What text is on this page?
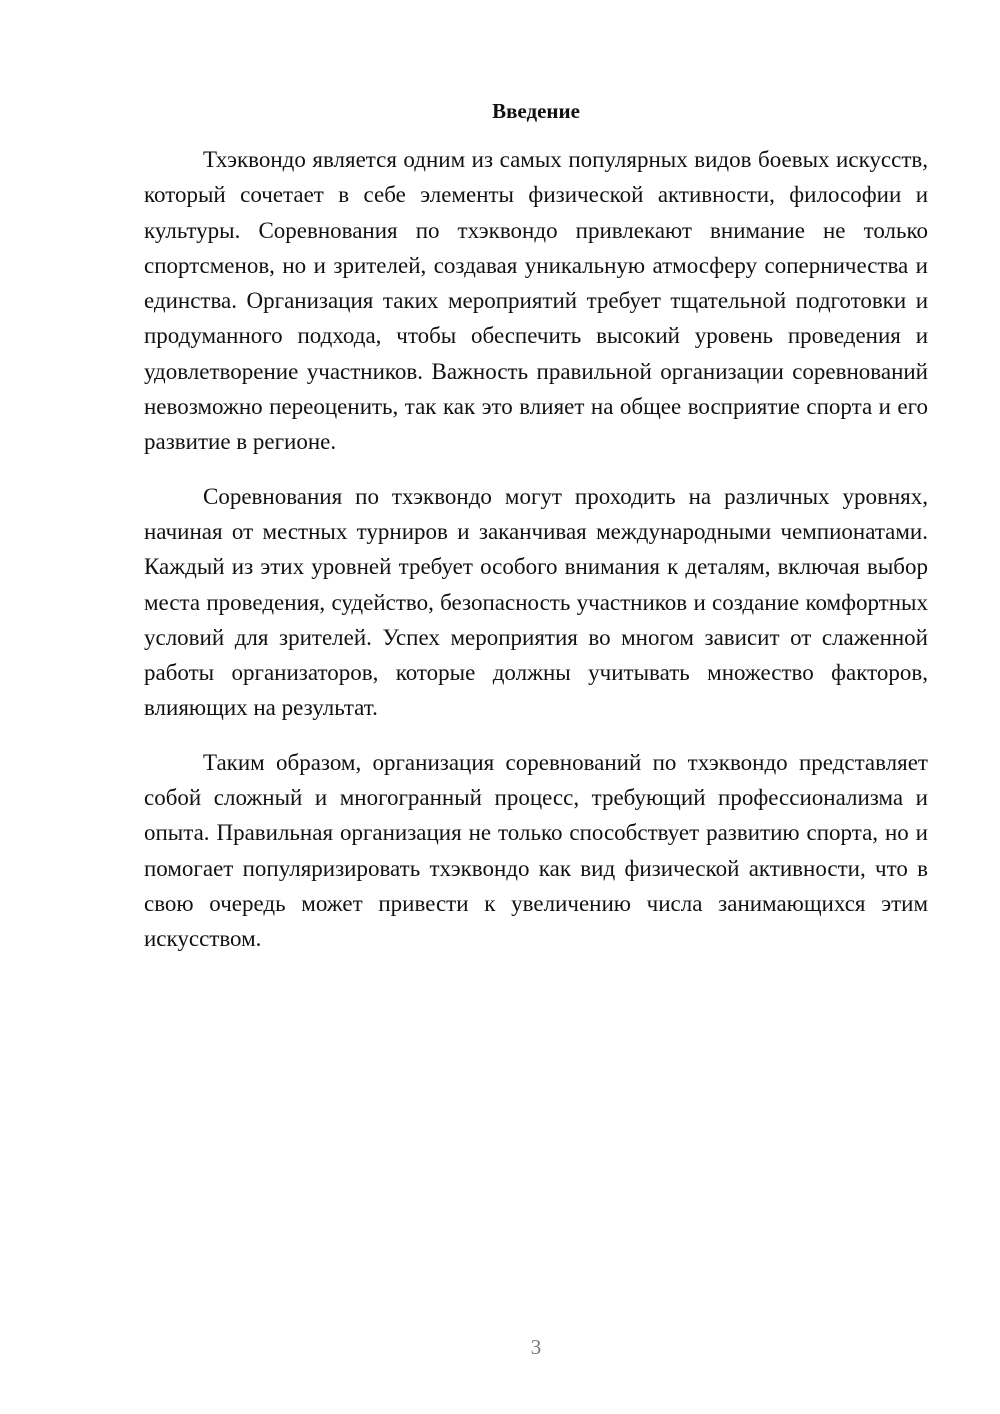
Введение

Тхэквондо является одним из самых популярных видов боевых искусств, который сочетает в себе элементы физической активности, философии и культуры. Соревнования по тхэквондо привлекают внимание не только спортсменов, но и зрителей, создавая уникальную атмосферу соперничества и единства. Организация таких мероприятий требует тщательной подготовки и продуманного подхода, чтобы обеспечить высокий уровень проведения и удовлетворение участников. Важность правильной организации соревнований невозможно переоценить, так как это влияет на общее восприятие спорта и его развитие в регионе.

Соревнования по тхэквондо могут проходить на различных уровнях, начиная от местных турниров и заканчивая международными чемпионатами. Каждый из этих уровней требует особого внимания к деталям, включая выбор места проведения, судейство, безопасность участников и создание комфортных условий для зрителей. Успех мероприятия во многом зависит от слаженной работы организаторов, которые должны учитывать множество факторов, влияющих на результат.

Таким образом, организация соревнований по тхэквондо представляет собой сложный и многогранный процесс, требующий профессионализма и опыта. Правильная организация не только способствует развитию спорта, но и помогает популяризировать тхэквондо как вид физической активности, что в свою очередь может привести к увеличению числа занимающихся этим искусством.

3
